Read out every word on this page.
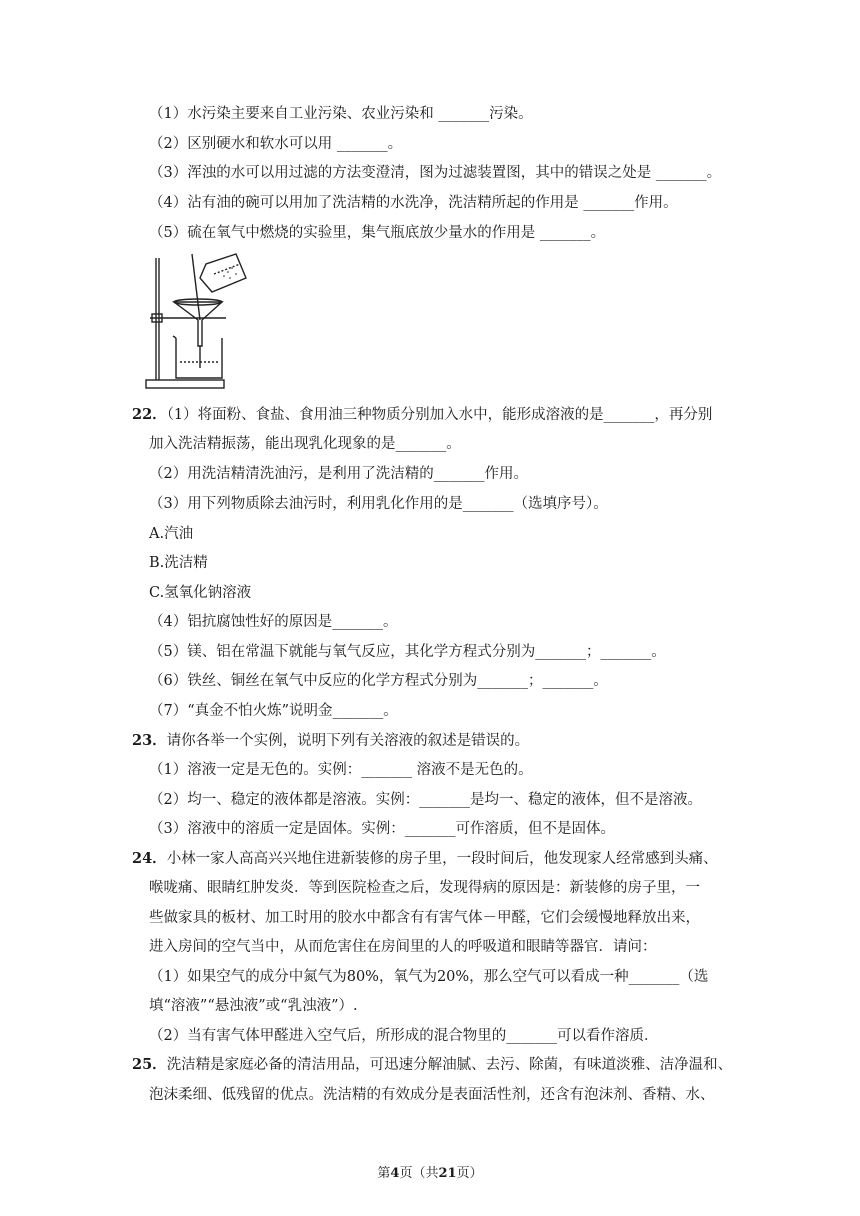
（1）水污染主要来自工业污染、农业污染和 _______污染。
（2）区别硬水和软水可以用 _______。
（3）浑浊的水可以用过滤的方法变澄清，图为过滤装置图，其中的错误之处是 _______。
（4）沾有油的碗可以用加了洗洁精的水洗净，洗洁精所起的作用是 _______作用。
（5）硫在氧气中燃烧的实验里，集气瓶底放少量水的作用是 _______。
22．（1）将面粉、食盐、食用油三种物质分别加入水中，能形成溶液的是_______，再分别
加入洗洁精振荡，能出现乳化现象的是_______。
（2）用洗洁精清洗油污，是利用了洗洁精的_______作用。
（3）用下列物质除去油污时，利用乳化作用的是_______（选填序号）。
A.汽油
B.洗洁精
C.氢氧化钠溶液
（4）铝抗腐蚀性好的原因是_______。
（5）镁、铝在常温下就能与氧气反应，其化学方程式分别为_______；_______。
（6）铁丝、铜丝在氧气中反应的化学方程式分别为_______；_______。
（7）“真金不怕火炼”说明金_______。
23．请你各举一个实例，说明下列有关溶液的叙述是错误的。
（1）溶液一定是无色的。实例：_______ 溶液不是无色的。
（2）均一、稳定的液体都是溶液。实例：_______是均一、稳定的液体，但不是溶液。
（3）溶液中的溶质一定是固体。实例：_______可作溶质，但不是固体。
24．小林一家人高高兴兴地住进新装修的房子里，一段时间后，他发现家人经常感到头痛、
喉咙痛、眼睛红肿发炎．等到医院检查之后，发现得病的原因是：新装修的房子里，一
些做家具的板材、加工时用的胶水中都含有有害气体－甲醛，它们会缓慢地释放出来，
进入房间的空气当中，从而危害住在房间里的人的呼吸道和眼睛等器官．请问：
（1）如果空气的成分中氮气为80%，氧气为20%，那么空气可以看成一种_______（选
填“溶液”“悬浊液”或“乳浊液”）.
（2）当有害气体甲醛进入空气后，所形成的混合物里的_______可以看作溶质．
25．洗洁精是家庭必备的清洁用品，可迅速分解油腻、去污、除菌，有味道淡雅、洁净温和、
泡沫柔细、低残留的优点。洗洁精的有效成分是表面活性剂，还含有泡沫剂、香精、水、
第4页（共21页）
